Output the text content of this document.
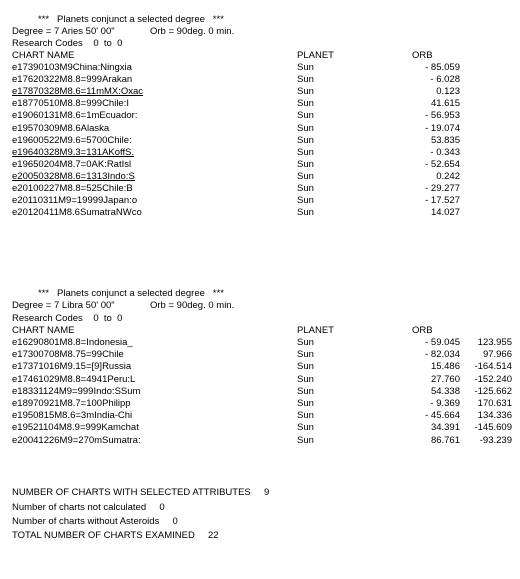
***   Planets conjunct a selected degree   ***
Degree = 7 Aries 50' 00"	Orb = 90deg. 0 min.
Research Codes    0  to  0
CHART NAME	PLANET	ORB
e17390103M9China:Ningxia	Sun	- 85.059
e17620322M8.8=999Arakan	Sun	- 6.028
e17870328M8.6=11mMX:Oxac	Sun	0.123
e18770510M8.8=999Chile:I	Sun	41.615
e19060131M8.6=1mEcuador:	Sun	- 56.953
e19570309M8.6Alaska	Sun	- 19.074
e19600522M9.6=5700Chile:	Sun	53.835
e19640328M9.3=131AKoffS.	Sun	- 0.343
e19650204M8.7=0AK:RatIsl	Sun	- 52.654
e20050328M8.6=1313Indo:S	Sun	0.242
e20100227M8.8=525Chile:B	Sun	- 29.277
e20110311M9=19999Japan:o	Sun	- 17.527
e20120411M8.6SumatraNWco	Sun	14.027
***   Planets conjunct a selected degree   ***
Degree = 7 Libra 50' 00"	Orb = 90deg. 0 min.
Research Codes    0  to  0
CHART NAME	PLANET	ORB
e16290801M8.8=Indonesia_	Sun	- 59.045	123.955
e17300708M8.75=99Chile	Sun	- 82.034	97.966
e17371016M9.15=[9]Russia	Sun	15.486	-164.514
e17461029M8.8=4941Peru:L	Sun	27.760	-152.240
e18331124M9=999Indo:SSum	Sun	54.338	-125.662
e18970921M8.7=100Philipp	Sun	- 9.369	170.631
e1950815M8.6=3mIndia-Chi	Sun	- 45.664	134.336
e19521104M8.9=999Kamchat	Sun	34.391	-145.609
e20041226M9=270mSumatra:	Sun	86.761	-93.239
NUMBER OF CHARTS WITH SELECTED ATTRIBUTES     9
Number of charts not calculated     0
Number of charts without Asteroids     0
TOTAL NUMBER OF CHARTS EXAMINED     22
